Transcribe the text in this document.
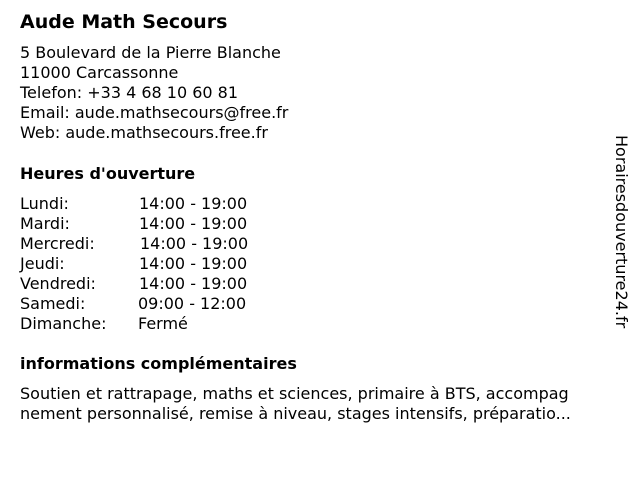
Aude Math Secours
5 Boulevard de la Pierre Blanche
11000 Carcassonne
Telefon: +33 4 68 10 60 81
Email: aude.mathsecours@free.fr
Web: aude.mathsecours.free.fr
Heures d'ouverture
Lundi:	14:00 - 19:00
Mardi:	14:00 - 19:00
Mercredi:	14:00 - 19:00
Jeudi:	14:00 - 19:00
Vendredi:	14:00 - 19:00
Samedi:	09:00 - 12:00
Dimanche: Fermé
informations complémentaires
Soutien et rattrapage, maths et sciences, primaire à BTS, accompag
nement personnalisé, remise à niveau, stages intensifs, préparatio...
Horairesdouverture24.fr
